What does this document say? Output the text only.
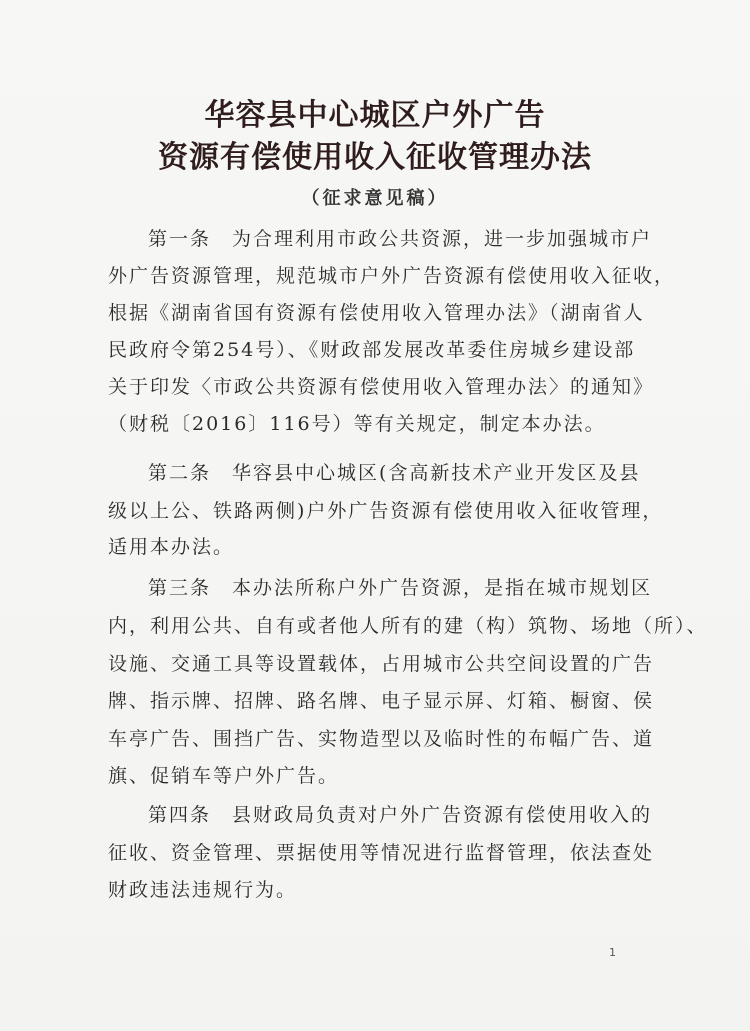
华容县中心城区户外广告
资源有偿使用收入征收管理办法
（征求意见稿）
第一条　为合理利用市政公共资源，进一步加强城市户
外广告资源管理，规范城市户外广告资源有偿使用收入征收，
根据《湖南省国有资源有偿使用收入管理办法》（湖南省人
民政府令第254号）、《财政部发展改革委住房城乡建设部
关于印发〈市政公共资源有偿使用收入管理办法〉的通知》
（财税〔2016〕116号）等有关规定，制定本办法。
第二条　华容县中心城区(含高新技术产业开发区及县
级以上公、铁路两侧)户外广告资源有偿使用收入征收管理，
适用本办法。
第三条　本办法所称户外广告资源，是指在城市规划区
内，利用公共、自有或者他人所有的建（构）筑物、场地（所）、
设施、交通工具等设置载体，占用城市公共空间设置的广告
牌、指示牌、招牌、路名牌、电子显示屏、灯箱、橱窗、侯
车亭广告、围挡广告、实物造型以及临时性的布幅广告、道
旗、促销车等户外广告。
第四条　县财政局负责对户外广告资源有偿使用收入的
征收、资金管理、票据使用等情况进行监督管理，依法查处
财政违法违规行为。
1
